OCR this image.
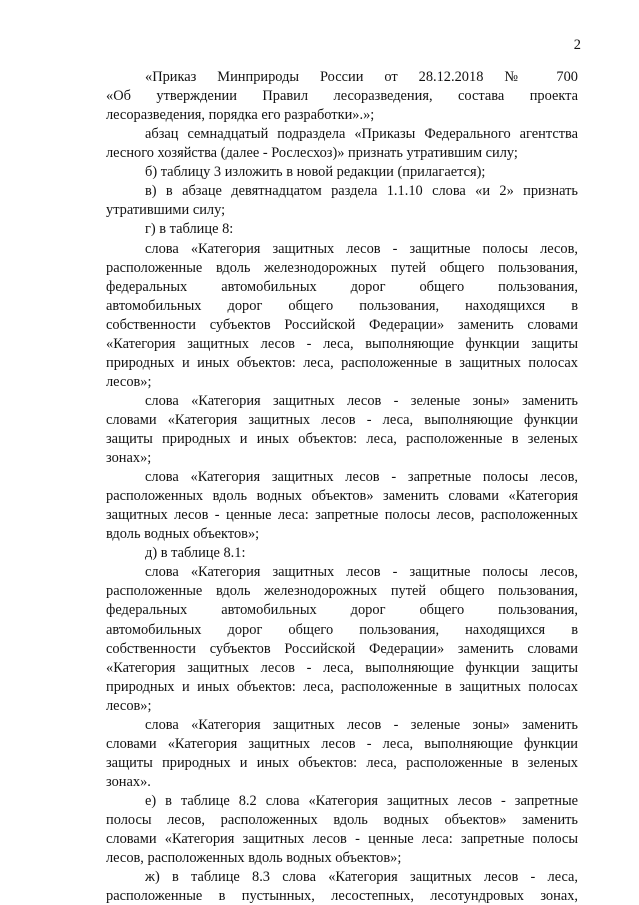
2
«Приказ Минприроды России от 28.12.2018 № 700
«Об утверждении Правил лесоразведения, состава проекта
лесоразведения, порядка его разработки».»;
абзац семнадцатый подраздела «Приказы Федерального агентства
лесного хозяйства (далее - Рослесхоз)» признать утратившим силу;
б) таблицу 3 изложить в новой редакции (прилагается);
в) в абзаце девятнадцатом раздела 1.1.10 слова «и 2» признать
утратившими силу;
г) в таблице 8:
слова «Категория защитных лесов - защитные полосы лесов,
расположенные вдоль железнодорожных путей общего пользования,
федеральных автомобильных дорог общего пользования,
автомобильных дорог общего пользования, находящихся в
собственности субъектов Российской Федерации» заменить словами
«Категория защитных лесов - леса, выполняющие функции защиты
природных и иных объектов: леса, расположенные в защитных полосах
лесов»;
слова «Категория защитных лесов - зеленые зоны» заменить
словами «Категория защитных лесов - леса, выполняющие функции
защиты природных и иных объектов: леса, расположенные в зеленых
зонах»;
слова «Категория защитных лесов - запретные полосы лесов,
расположенных вдоль водных объектов» заменить словами «Категория
защитных лесов - ценные леса: запретные полосы лесов, расположенных
вдоль водных объектов»;
д) в таблице 8.1:
слова «Категория защитных лесов - защитные полосы лесов,
расположенные вдоль железнодорожных путей общего пользования,
федеральных автомобильных дорог общего пользования,
автомобильных дорог общего пользования, находящихся в
собственности субъектов Российской Федерации» заменить словами
«Категория защитных лесов - леса, выполняющие функции защиты
природных и иных объектов: леса, расположенные в защитных полосах
лесов»;
слова «Категория защитных лесов - зеленые зоны» заменить
словами «Категория защитных лесов - леса, выполняющие функции
защиты природных и иных объектов: леса, расположенные в зеленых
зонах».
е) в таблице 8.2 слова «Категория защитных лесов - запретные
полосы лесов, расположенных вдоль водных объектов» заменить
словами «Категория защитных лесов - ценные леса: запретные полосы
лесов, расположенных вдоль водных объектов»;
ж) в таблице 8.3 слова «Категория защитных лесов - леса,
расположенные в пустынных, лесостепных, лесотундровых зонах,
